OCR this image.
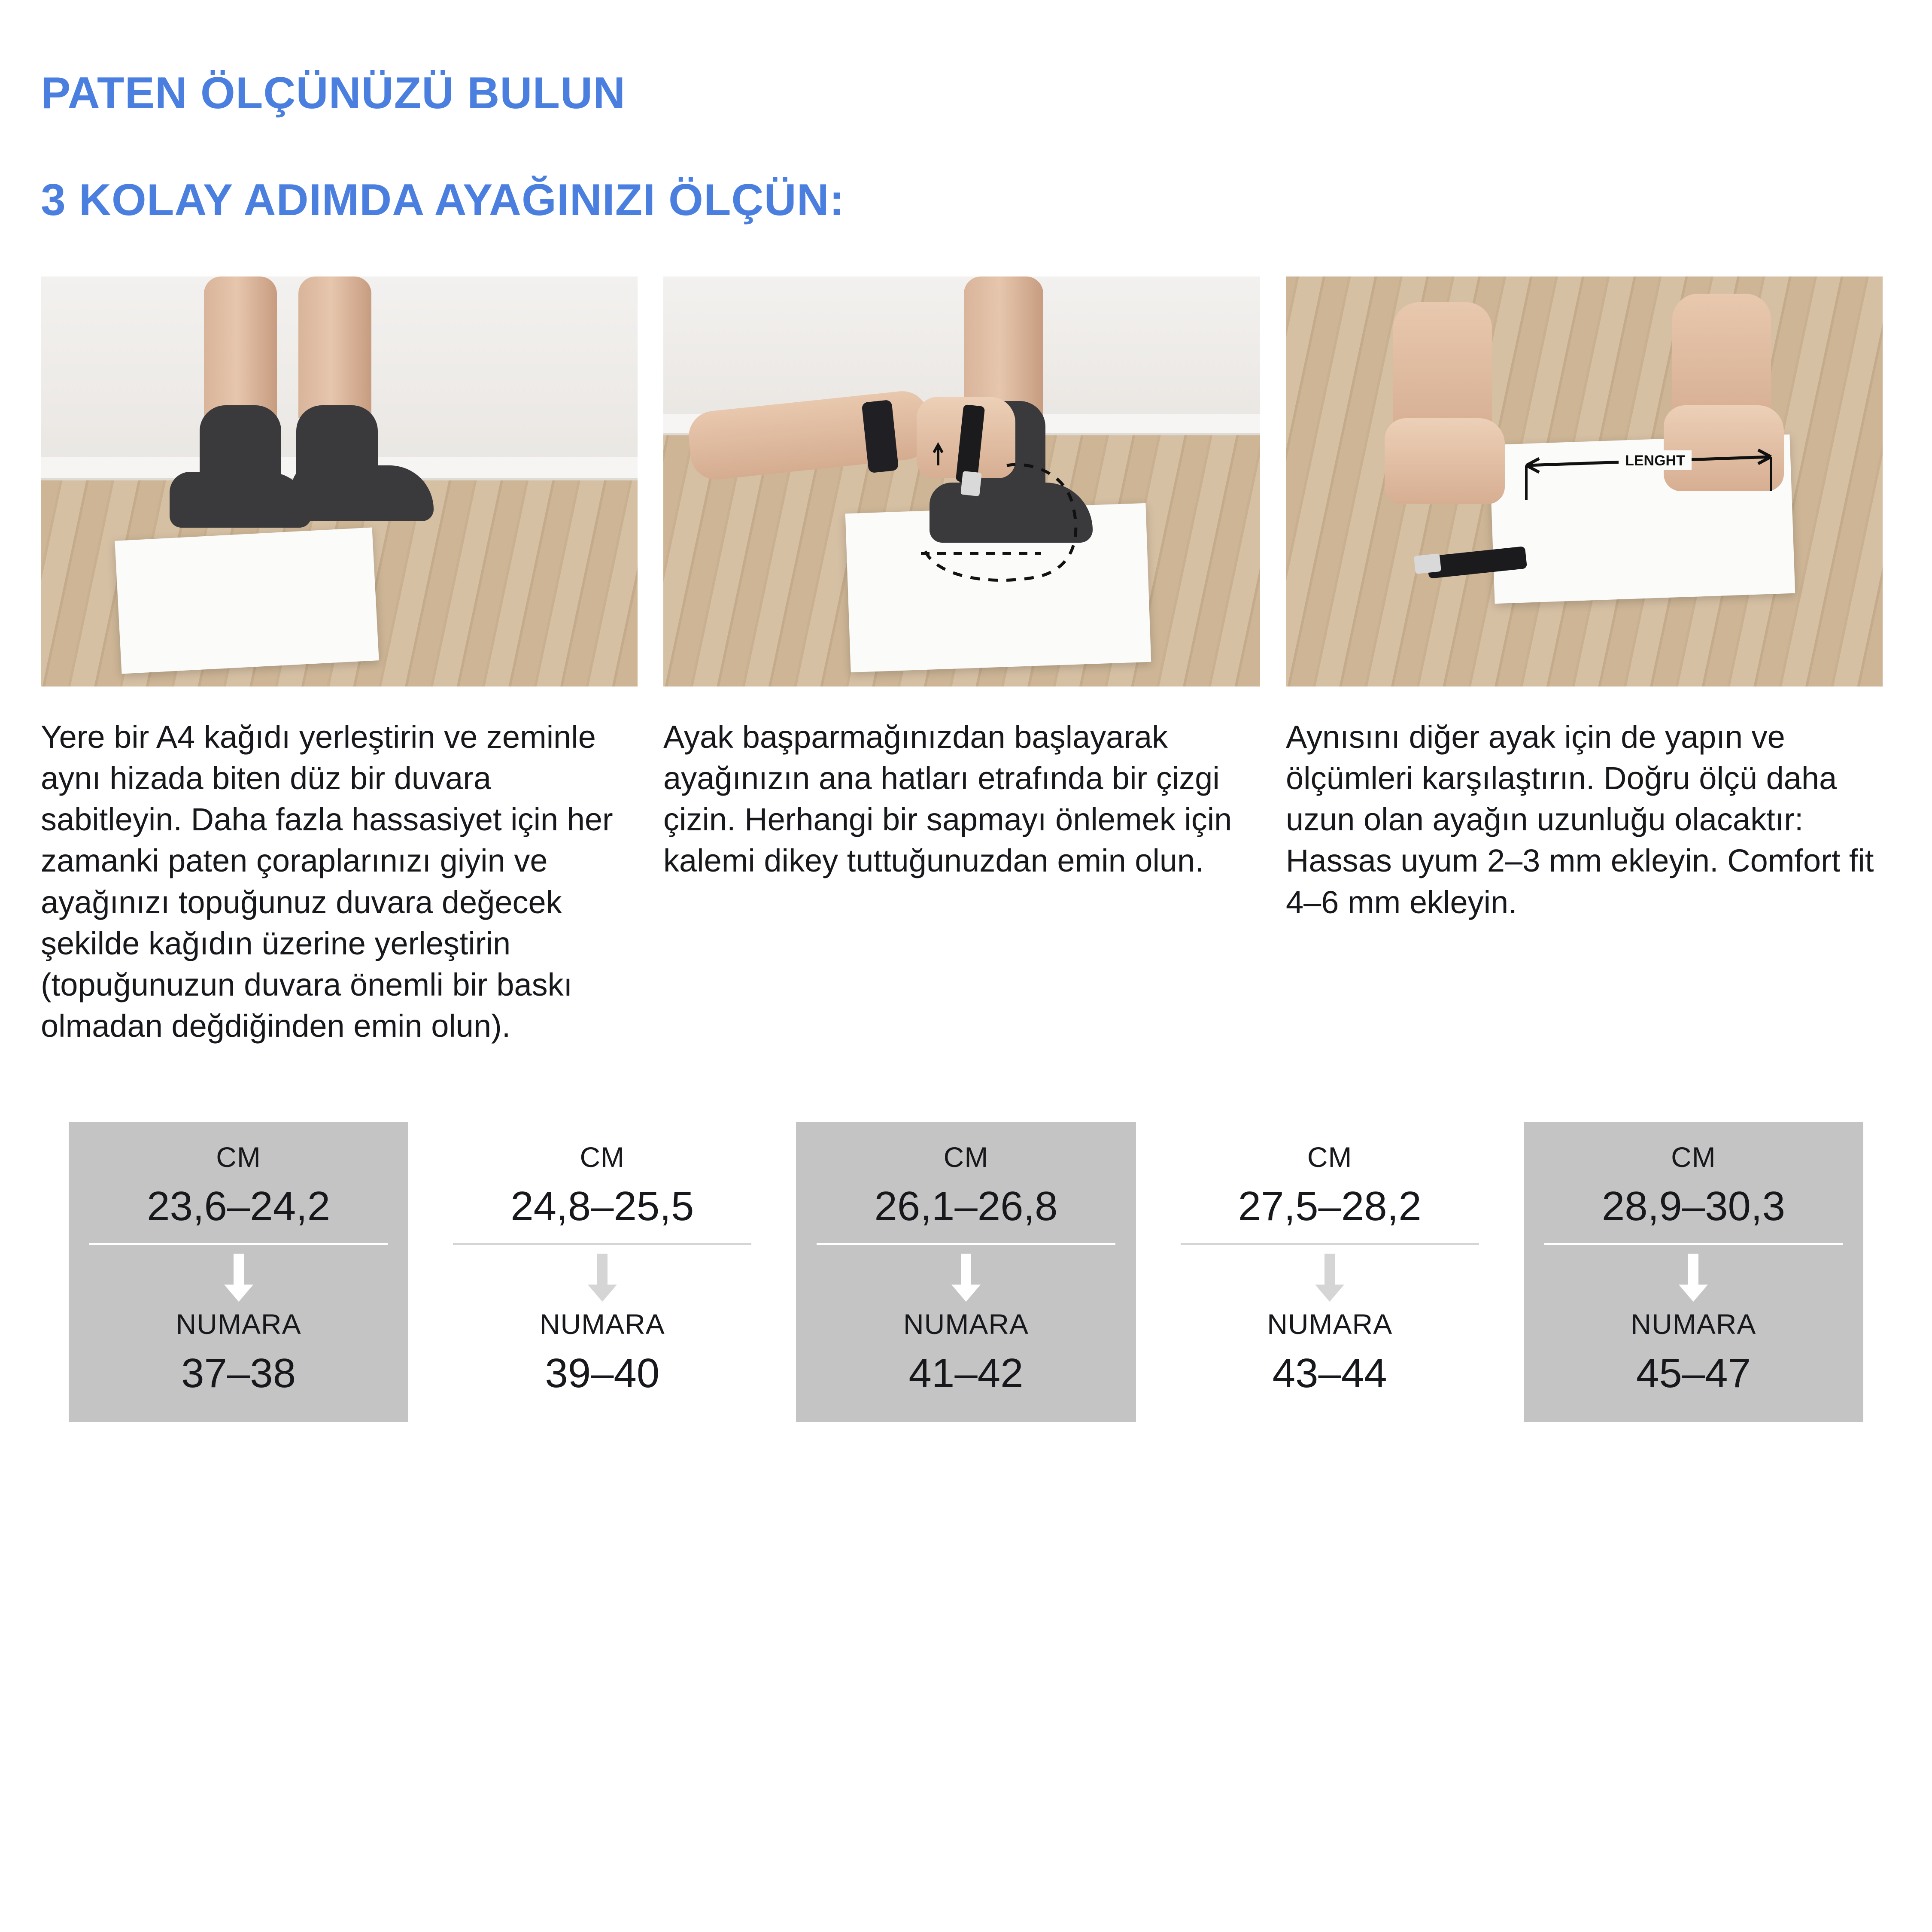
PATEN ÖLÇÜNÜZÜ BULUN
3 KOLAY ADIMDA AYAĞINIZI ÖLÇÜN:

Yere bir A4 kağıdı yerleştirin ve zeminle aynı hizada biten düz bir duvara sabitleyin. Daha fazla hassasiyet için her zamanki paten çoraplarınızı giyin ve ayağınızı topuğunuz duvara değecek şekilde kağıdın üzerine yerleştirin (topuğunuzun duvara önemli bir baskı olmadan değdiğinden emin olun).

Ayak başparmağınızdan başlayarak ayağınızın ana hatları etrafında bir çizgi çizin. Herhangi bir sapmayı önlemek için kalemi dikey tuttuğunuzdan emin olun.

LENGHT

Aynısını diğer ayak için de yapın ve ölçümleri karşılaştırın. Doğru ölçü daha uzun olan ayağın uzunluğu olacaktır: Hassas uyum 2–3 mm ekleyin. Comfort fit 4–6 mm ekleyin.

CM
23,6–24,2
NUMARA
37–38
CM
24,8–25,5
NUMARA
39–40
CM
26,1–26,8
NUMARA
41–42
CM
27,5–28,2
NUMARA
43–44
CM
28,9–30,3
NUMARA
45–47
